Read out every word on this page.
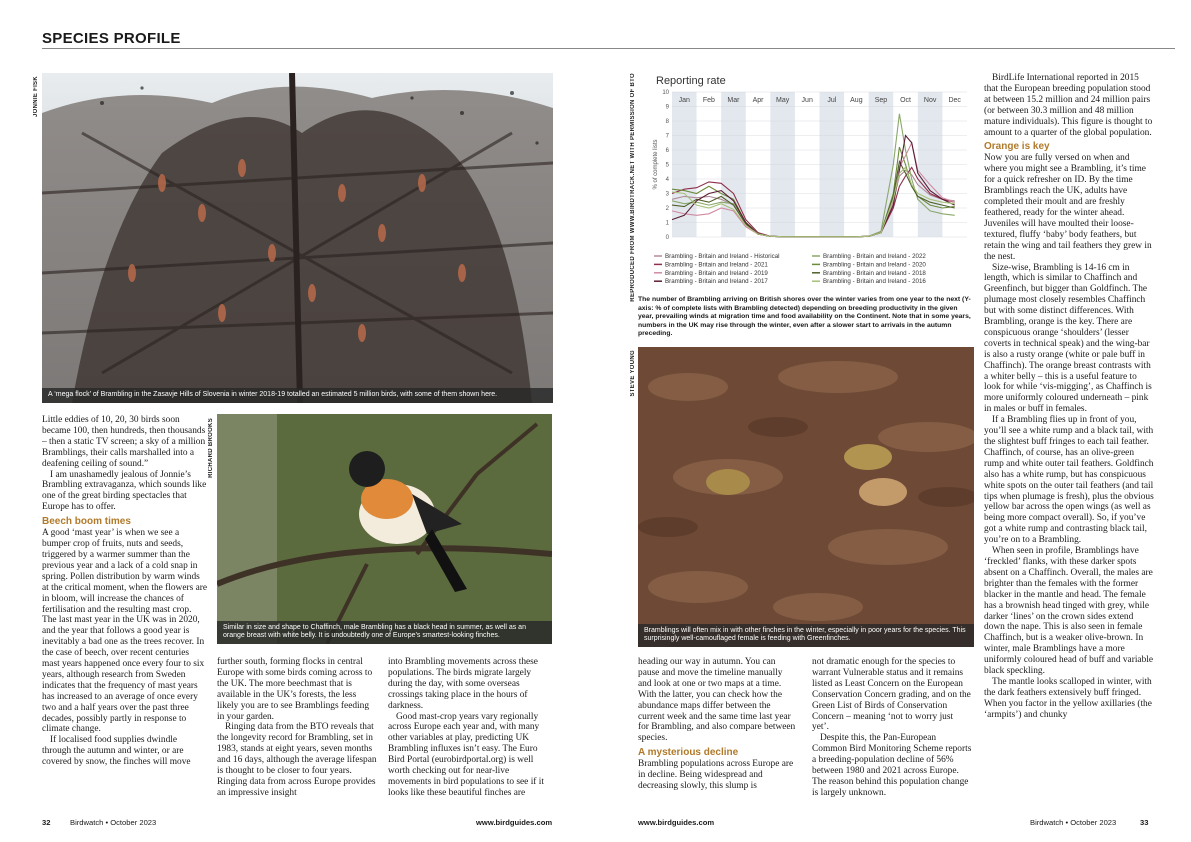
SPECIES PROFILE
A ‘mega flock’ of Brambling in the Zasavje Hills of Slovenia in winter 2018-19 totalled an estimated 5 million birds, with some of them shown here.
JONNIE FISK
Similar in size and shape to Chaffinch, male Brambling has a black head in summer, as well as an orange breast with white belly. It is undoubtedly one of Europe’s smartest-looking finches.
RICHARD BROOKS
REPRODUCED FROM WWW.BIRDTRACK.NET WITH PERMISSION OF BTO Reporting rate
Jan Feb Mar Apr May Jun Jul Aug Sep Oct Nov Dec
0
1
2
3
4
5
6
7
8
9
10
% of complete lists
Brambling - Britain and Ireland - Historical	Brambling - Britain and Ireland - 2022
Brambling - Britain and Ireland - 2021	Brambling - Britain and Ireland - 2020
Brambling - Britain and Ireland - 2019	Brambling - Britain and Ireland - 2018
Brambling - Britain and Ireland - 2017	Brambling - Britain and Ireland - 2016
The number of Brambling arriving on British shores over the winter varies from one year to the next (Y-axis: % of complete lists with Brambling detected) depending on breeding productivity in the given year, prevailing winds at migration time and food availability on the Continent. Note that in some years, numbers in the UK may rise through the winter, even after a slower start to arrivals in the autumn preceding.
Bramblings will often mix in with other finches in the winter, especially in poor years for the species. This surprisingly well-camouflaged female is feeding with Greenfinches.
STEVE YOUNG

Little eddies of 10, 20, 30 birds soon became 100, then hundreds, then thousands – then a static TV screen; a sky of a million Bramblings, their calls marshalled into a deafening ceiling of sound.”

I am unashamedly jealous of Jonnie’s Brambling extravaganza, which sounds like one of the great birding spectacles that Europe has to offer.

Beech boom times

A good ‘mast year’ is when we see a bumper crop of fruits, nuts and seeds, triggered by a warmer summer than the previous year and a lack of a cold snap in spring. Pollen distribution by warm winds at the critical moment, when the flowers are in bloom, will increase the chances of fertilisation and the resulting mast crop. The last mast year in the UK was in 2020, and the year that follows a good year is inevitably a bad one as the trees recover. In the case of beech, over recent centuries mast years happened once every four to six years, although research from Sweden indicates that the frequency of mast years has increased to an average of once every two and a half years over the past three decades, possibly partly in response to climate change.

If localised food supplies dwindle through the autumn and winter, or are covered by snow, the finches will move

further south, forming flocks in central Europe with some birds coming across to the UK. The more beechmast that is available in the UK’s forests, the less likely you are to see Bramblings feeding in your garden.

Ringing data from the BTO reveals that the longevity record for Brambling, set in 1983, stands at eight years, seven months and 16 days, although the average lifespan is thought to be closer to four years. Ringing data from across Europe provides an impressive insight

into Brambling movements across these populations. The birds migrate largely during the day, with some overseas crossings taking place in the hours of darkness.

Good mast-crop years vary regionally across Europe each year and, with many other variables at play, predicting UK Brambling influxes isn’t easy. The Euro Bird Portal (eurobirdportal.org) is well worth checking out for near-live movements in bird populations to see if it looks like these beautiful finches are

heading our way in autumn. You can pause and move the timeline manually and look at one or two maps at a time. With the latter, you can check how the abundance maps differ between the current week and the same time last year for Brambling, and also compare between species.

A mysterious decline

Brambling populations across Europe are in decline. Being widespread and decreasing slowly, this slump is

not dramatic enough for the species to warrant Vulnerable status and it remains listed as Least Concern on the European Conservation Concern grading, and on the Green List of Birds of Conservation Concern – meaning ‘not to worry just yet’.

Despite this, the Pan-European Common Bird Monitoring Scheme reports a breeding-population decline of 56% between 1980 and 2021 across Europe. The reason behind this population change is largely unknown.

BirdLife International reported in 2015 that the European breeding population stood at between 15.2 million and 24 million pairs (or between 30.3 million and 48 million mature individuals). This figure is thought to amount to a quarter of the global population.

Orange is key

Now you are fully versed on when and where you might see a Brambling, it’s time for a quick refresher on ID. By the time Bramblings reach the UK, adults have completed their moult and are freshly feathered, ready for the winter ahead. Juveniles will have moulted their loose-textured, fluffy ‘baby’ body feathers, but retain the wing and tail feathers they grew in the nest.

Size-wise, Brambling is 14-16 cm in length, which is similar to Chaffinch and Greenfinch, but bigger than Goldfinch. The plumage most closely resembles Chaffinch but with some distinct differences. With Brambling, orange is the key. There are conspicuous orange ‘shoulders’ (lesser coverts in technical speak) and the wing-bar is also a rusty orange (white or pale buff in Chaffinch). The orange breast contrasts with a whiter belly – this is a useful feature to look for while ‘vis-migging’, as Chaffinch is more uniformly coloured underneath – pink in males or buff in females.

If a Brambling flies up in front of you, you’ll see a white rump and a black tail, with the slightest buff fringes to each tail feather. Chaffinch, of course, has an olive-green rump and white outer tail feathers. Goldfinch also has a white rump, but has conspicuous white spots on the outer tail feathers (and tail tips when plumage is fresh), plus the obvious yellow bar across the open wings (as well as being more compact overall). So, if you’ve got a white rump and contrasting black tail, you’re on to a Brambling.

When seen in profile, Bramblings have ‘freckled’ flanks, with these darker spots absent on a Chaffinch. Overall, the males are brighter than the females with the former blacker in the mantle and head. The female has a brownish head tinged with grey, while darker ‘lines’ on the crown sides extend down the nape. This is also seen in female Chaffinch, but is a weaker olive-brown. In winter, male Bramblings have a more uniformly coloured head of buff and variable black speckling.

The mantle looks scalloped in winter, with the dark feathers extensively buff fringed. When you factor in the yellow axillaries (the ‘armpits’) and chunky

32	Birdwatch • October 2023	www.birdguides.com	www.birdguides.com	Birdwatch • October 2023	33
